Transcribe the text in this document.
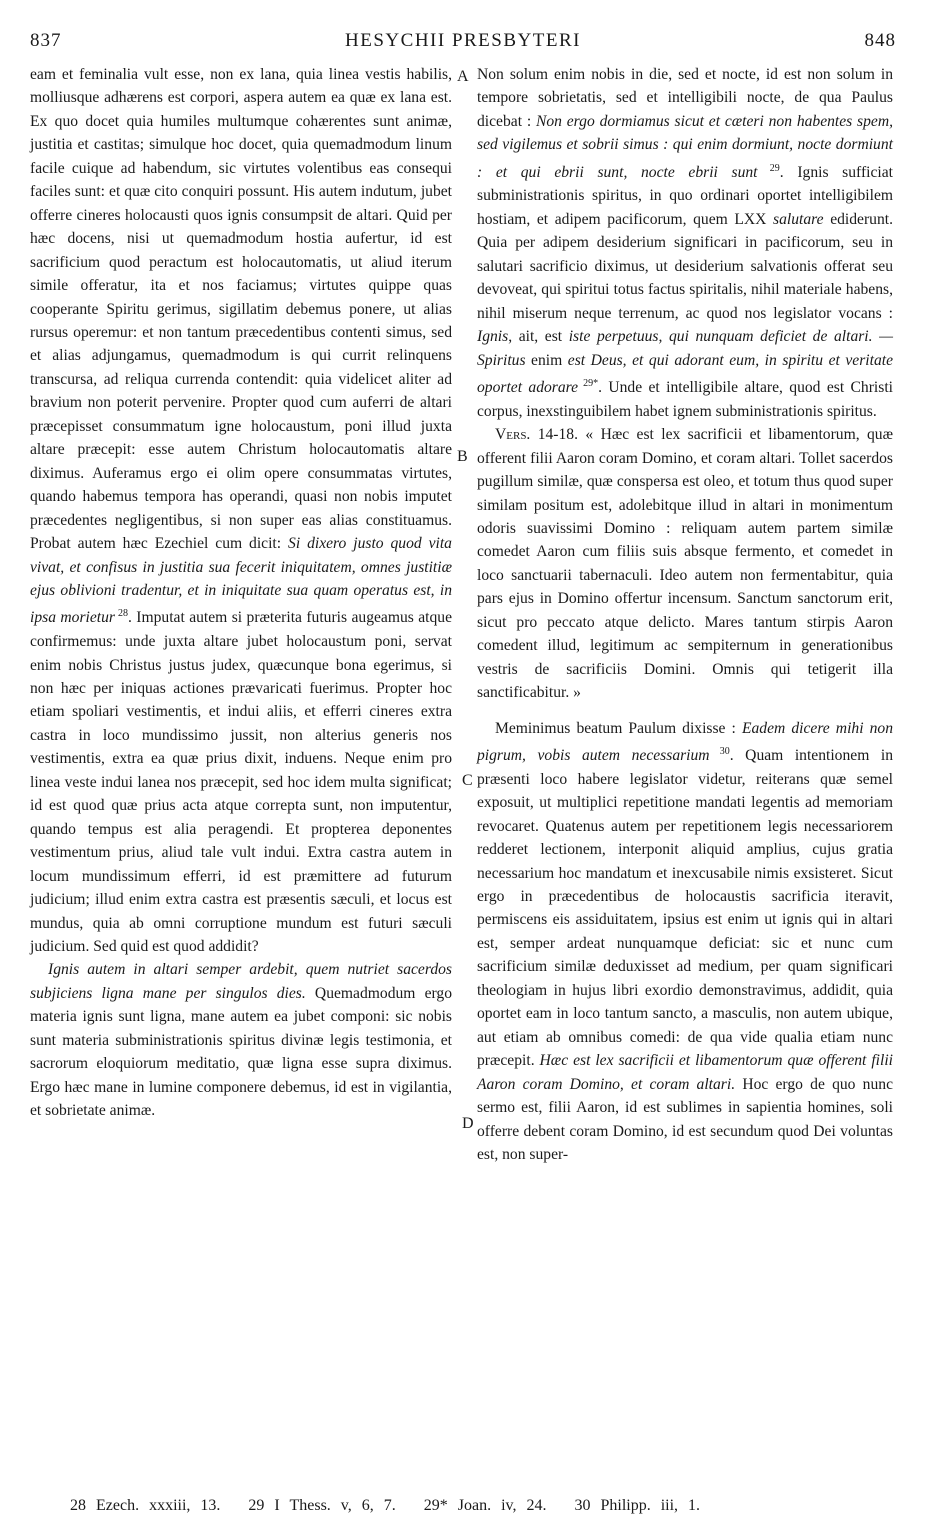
837	HESYCHII PRESBYTERI	848

eam et feminalia vult esse, non ex lana, quia linea vestis habilis, molliusque adhærens est corpori, aspera autem ea quæ ex lana est. Ex quo docet quia humiles multumque cohærentes sunt animæ, justitia et castitas; simulque hoc docet, quia quemadmodum linum facile cuique ad habendum, sic virtutes volentibus eas consequi faciles sunt: et quæ cito conquiri possunt. His autem indutum, jubet offerre cineres holocausti quos ignis consumpsit de altari. Quid per hæc docens, nisi ut quemadmodum hostia aufertur, id est sacrificium quod peractum est holocautomatis, ut aliud iterum simile offeratur, ita et nos faciamus; virtutes quippe quas cooperante Spiritu gerimus, sigillatim debemus ponere, ut alias rursus operemur: et non tantum præcedentibus contenti simus, sed et alias adjungamus, quemadmodum is qui currit relinquens transcursa, ad reliqua currenda contendit: quia videlicet aliter ad bravium non poterit pervenire. Propter quod cum auferri de altari præcepisset consummatum igne holocaustum, poni illud juxta altare præcepit: esse autem Christum holocautomatis altare diximus. Auferamus ergo ei olim opere consummatas virtutes, quando habemus tempora has operandi, quasi non nobis imputet præcedentes negligentibus, si non super eas alias constituamus. Probat autem hæc Ezechiel cum dicit: Si dixero justo quod vita vivat, et confisus in justitia sua fecerit iniquitatem, omnes justitiæ ejus oblivioni tradentur, et in iniquitate sua quam operatus est, in ipsa morietur $^{28}$. Imputat autem si præterita futuris augeamus atque confirmemus: unde juxta altare jubet holocaustum poni, servat enim nobis Christus justus judex, quæcunque bona egerimus, si non hæc per iniquas actiones prævaricati fuerimus. Propter hoc etiam spoliari vestimentis, et indui aliis, et efferri cineres extra castra in loco mundissimo jussit, non alterius generis nos vestimentis, extra ea quæ prius dixit, induens. Neque enim pro linea veste indui lanea nos præcepit, sed hoc idem multa significat; id est quod quæ prius acta atque correpta sunt, non imputentur, quando tempus est alia peragendi. Et propterea deponentes vestimentum prius, aliud tale vult indui. Extra castra autem in locum mundissimum efferri, id est præmittere ad futurum judicium; illud enim extra castra est præsentis sæculi, et locus est mundus, quia ab omni corruptione mundum est futuri sæculi judicium. Sed quid est quod addidit?

Ignis autem in altari semper ardebit, quem nutriet sacerdos subjiciens ligna mane per singulos dies. Quemadmodum ergo materia ignis sunt ligna, mane autem ea jubet componi: sic nobis sunt materia subministrationis spiritus divinæ legis testimonia, et sacrorum eloquiorum meditatio, quæ ligna esse supra diximus. Ergo hæc mane in lumine componere debemus, id est in vigilantia, et sobrietate animæ.

Non solum enim nobis in die, sed et nocte, id est non solum in tempore sobrietatis, sed et intelligibili nocte, de qua Paulus dicebat : Non ergo dormiamus sicut et cæteri non habentes spem, sed vigilemus et sobrii simus : qui enim dormiunt, nocte dormiunt : et qui ebrii sunt, nocte ebrii sunt $^{29}$. Ignis sufficiat subministrationis spiritus, in quo ordinari oportet intelligibilem hostiam, et adipem pacificorum, quem LXX salutare ediderunt. Quia per adipem desiderium significari in pacificorum, seu in salutari sacrificio diximus, ut desiderium salvationis offerat seu devoveat, qui spiritui totus factus spiritalis, nihil materiale habens, nihil miserum neque terrenum, ac quod nos legislator vocans : Ignis, ait, est iste perpetuus, qui nunquam deficiet de altari. — Spiritus enim est Deus, et qui adorant eum, in spiritu et veritate oportet adorare $^{29*}$. Unde et intelligibile altare, quod est Christi corpus, inexstinguibilem habet ignem subministrationis spiritus.

Vers. 14-18. « Hæc est lex sacrificii et libamentorum, quæ offerent filii Aaron coram Domino, et coram altari. Tollet sacerdos pugillum similæ, quæ conspersa est oleo, et totum thus quod super similam positum est, adolebitque illud in altari in monimentum odoris suavissimi Domino : reliquam autem partem similæ comedet Aaron cum filiis suis absque fermento, et comedet in loco sanctuarii tabernaculi. Ideo autem non fermentabitur, quia pars ejus in Domino offertur incensum. Sanctum sanctorum erit, sicut pro peccato atque delicto. Mares tantum stirpis Aaron comedent illud, legitimum ac sempiternum in generationibus vestris de sacrificiis Domini. Omnis qui tetigerit illa sanctificabitur. »

Meminimus beatum Paulum dixisse : Eadem dicere mihi non pigrum, vobis autem necessarium $^{30}$. Quam intentionem in præsenti loco habere legislator videtur, reiterans quæ semel exposuit, ut multiplici repetitione mandati legentis ad memoriam revocaret. Quatenus autem per repetitionem legis necessariorem redderet lectionem, interponit aliquid amplius, cujus gratia necessarium hoc mandatum et inexcusabile nimis exsisteret. Sicut ergo in præcedentibus de holocaustis sacrificia iteravit, permiscens eis assiduitatem, ipsius est enim ut ignis qui in altari est, semper ardeat nunquamque deficiat: sic et nunc cum sacrificium similæ deduxisset ad medium, per quam significari theologiam in hujus libri exordio demonstravimus, addidit, quia oportet eam in loco tantum sancto, a masculis, non autem ubique, aut etiam ab omnibus comedi: de qua vide qualia etiam nunc præcepit. Hæc est lex sacrificii et libamentorum quæ offerent filii Aaron coram Domino, et coram altari. Hoc ergo de quo nunc sermo est, filii Aaron, id est sublimes in sapientia homines, soli offerre debent coram Domino, id est secundum quod Dei voluntas est, non super-

A
B
C
D
28 Ezech. xxxiii, 13. 29 I Thess. v, 6, 7. 29* Joan. iv, 24. 30 Philipp. iii, 1.
